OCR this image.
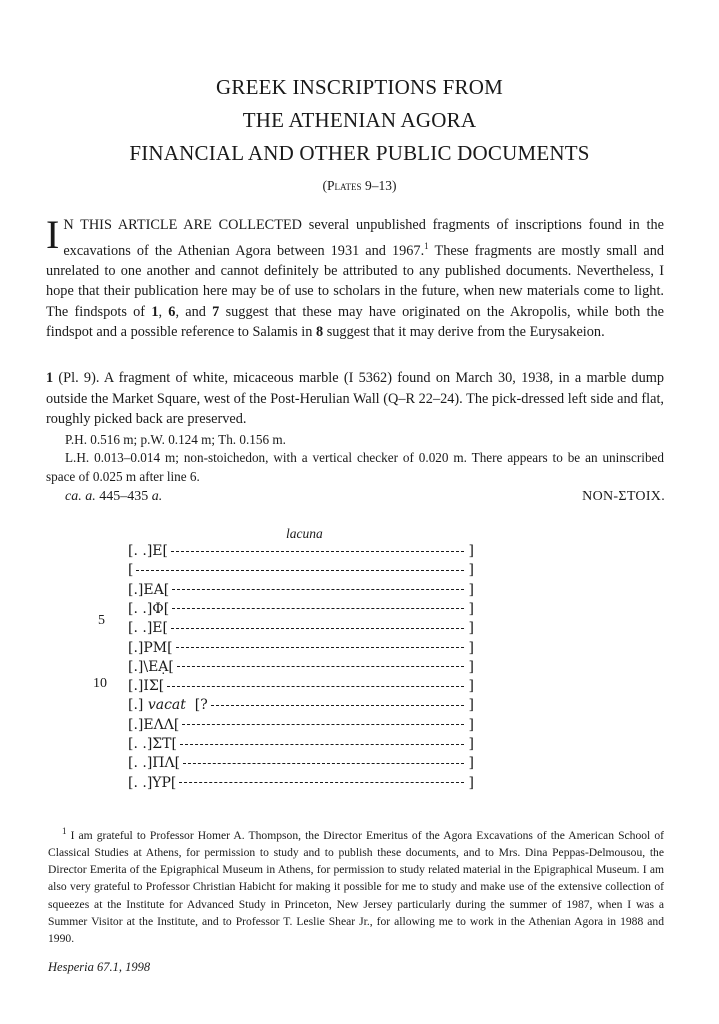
GREEK INSCRIPTIONS FROM
THE ATHENIAN AGORA
FINANCIAL AND OTHER PUBLIC DOCUMENTS
(Plates 9–13)

IN THIS ARTICLE ARE COLLECTED several unpublished fragments of inscriptions found in the excavations of the Athenian Agora between 1931 and 1967.$^1$ These fragments are mostly small and unrelated to one another and cannot definitely be attributed to any published documents. Nevertheless, I hope that their publication here may be of use to scholars in the future, when new materials come to light. The findspots of 1, 6, and 7 suggest that these may have originated on the Akropolis, while both the findspot and a possible reference to Salamis in 8 suggest that it may derive from the Eurysakeion.

1 (Pl. 9). A fragment of white, micaceous marble (I 5362) found on March 30, 1938, in a marble dump outside the Market Square, west of the Post-Herulian Wall (Q–R 22–24). The pick-dressed left side and flat, roughly picked back are preserved.

P.H. 0.516 m; p.W. 0.124 m; Th. 0.156 m.

L.H. 0.013–0.014 m; non-stoichedon, with a vertical checker of 0.020 m. There appears to be an uninscribed space of 0.025 m after line 6.

ca. a. 445–435 a.	NON-ΣΤΟΙΧ.
lacuna
[. .]Ε[	]
[	]
[.]ΕΑ[	]
[. .]Φ[	]
[. .]Ε[	]
[.]ΡΜ[	]
[.]\ΕẠ[	]
[.]ΙΣ[	]
[.] vacat  [?	]
[.]ΕΛΛ[	]
[. .]ΣΤ[	]
[. .]ΠΛ[	]
[. .]ΥΡ[	]
5
10

$^1$ I am grateful to Professor Homer A. Thompson, the Director Emeritus of the Agora Excavations of the American School of Classical Studies at Athens, for permission to study and to publish these documents, and to Mrs. Dina Peppas-Delmousou, the Director Emerita of the Epigraphical Museum in Athens, for permission to study related material in the Epigraphical Museum. I am also very grateful to Professor Christian Habicht for making it possible for me to study and make use of the extensive collection of squeezes at the Institute for Advanced Study in Princeton, New Jersey particularly during the summer of 1987, when I was a Summer Visitor at the Institute, and to Professor T. Leslie Shear Jr., for allowing me to work in the Athenian Agora in 1988 and 1990.

Hesperia 67.1, 1998
